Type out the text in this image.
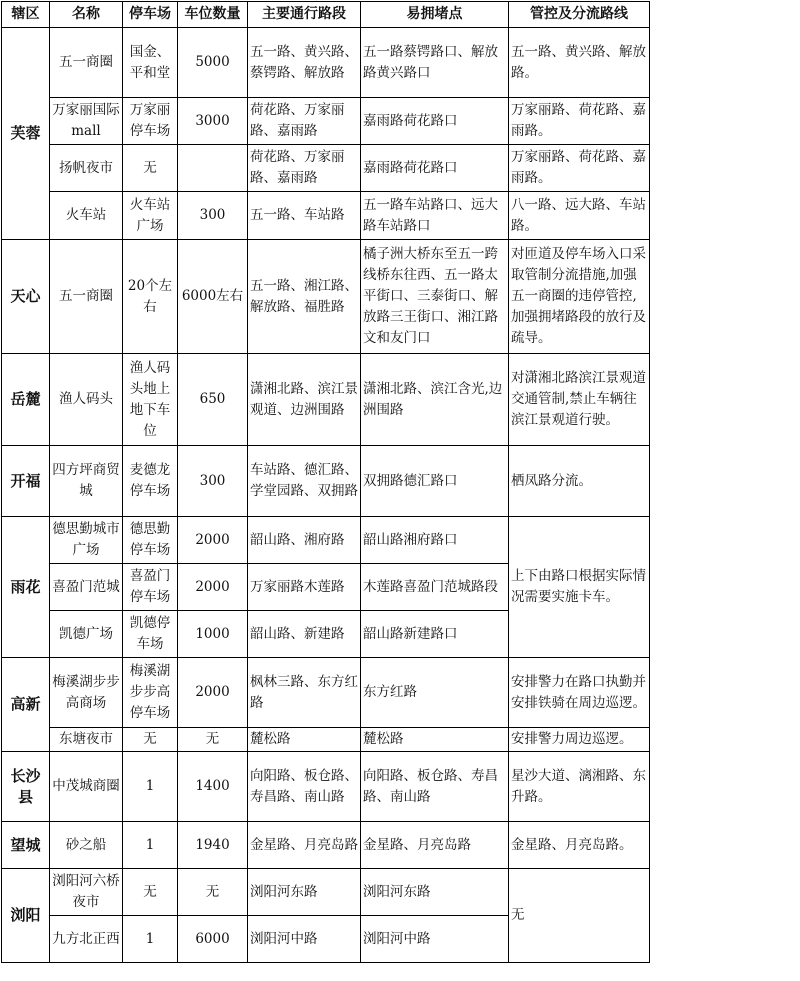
辖区	名称	停车场	车位数量	主要通行路段	易拥堵点	管控及分流路线
芙蓉	五一商圈	国金、平和堂	5000	五一路、黄兴路、蔡锷路、解放路	五一路蔡锷路口、解放路黄兴路口	五一路、黄兴路、解放路。
	万家丽国际mall	万家丽停车场	3000	荷花路、万家丽路、嘉雨路	嘉雨路荷花路口	万家丽路、荷花路、嘉雨路。
	扬帆夜市	无		荷花路、万家丽路、嘉雨路	嘉雨路荷花路口	万家丽路、荷花路、嘉雨路。
	火车站	火车站广场	300	五一路、车站路	五一路车站路口、远大路车站路口	八一路、远大路、车站路。
天心	五一商圈	20个左右	6000左右	五一路、湘江路、解放路、福胜路	橘子洲大桥东至五一跨线桥东往西、五一路太平街口、三泰街口、解放路三王街口、湘江路文和友门口	对匝道及停车场入口采取管制分流措施,加强五一商圈的违停管控,加强拥堵路段的放行及疏导。
岳麓	渔人码头	渔人码头地上地下车位	650	潇湘北路、滨江景观道、边洲围路	潇湘北路、滨江含光,边洲围路	对潇湘北路滨江景观道交通管制,禁止车辆往滨江景观道行驶。
开福	四方坪商贸城	麦德龙停车场	300	车站路、德汇路、学堂园路、双拥路	双拥路德汇路口	栖凤路分流。
雨花	德思勤城市广场	德思勤停车场	2000	韶山路、湘府路	韶山路湘府路口	上下由路口根据实际情况需要实施卡车。
	喜盈门范城	喜盈门停车场	2000	万家丽路木莲路	木莲路喜盈门范城路段	
	凯德广场	凯德停车场	1000	韶山路、新建路	韶山路新建路口	
高新	梅溪湖步步高商场	梅溪湖步步高停车场	2000	枫林三路、东方红路	东方红路	安排警力在路口执勤并安排铁骑在周边巡逻。
	东塘夜市	无	无	麓松路	麓松路	安排警力周边巡逻。
长沙县	中茂城商圈	1	1400	向阳路、板仓路、寿昌路、南山路	向阳路、板仓路、寿昌路、南山路	星沙大道、漓湘路、东升路。
望城	砂之船	1	1940	金星路、月亮岛路	金星路、月亮岛路	金星路、月亮岛路。
浏阳	浏阳河六桥夜市	无	无	浏阳河东路	浏阳河东路	无
	九方北正西	1	6000	浏阳河中路	浏阳河中路	
